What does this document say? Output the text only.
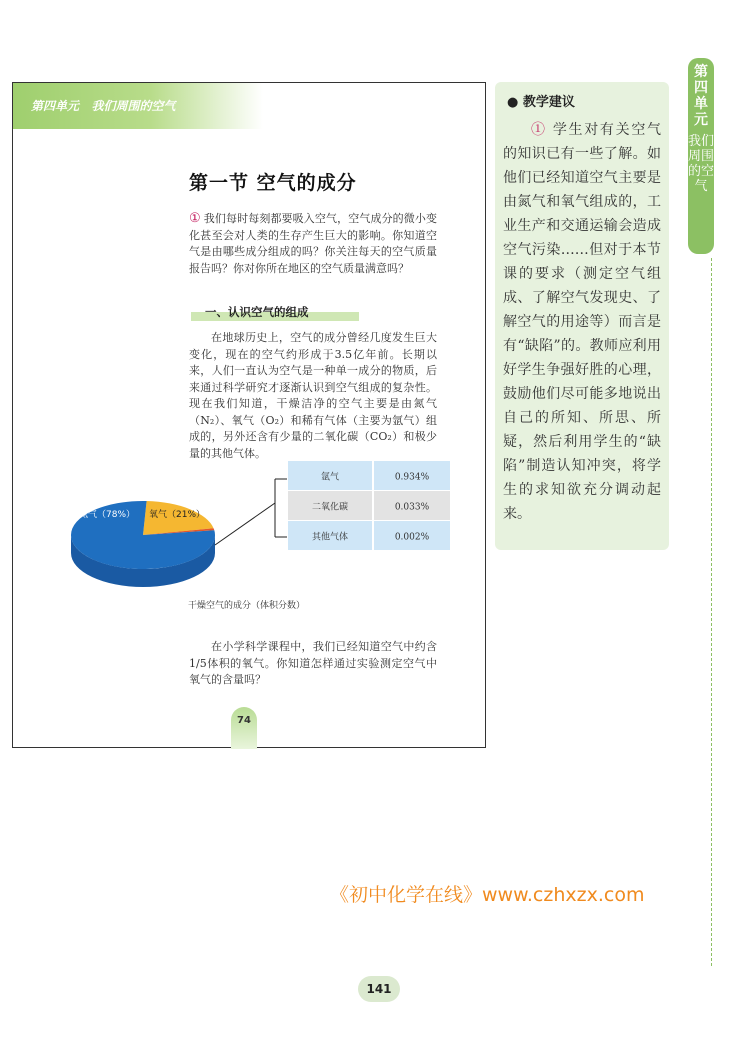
第四单元   我们周围的空气
第一节 空气的成分
① 我们每时每刻都要吸入空气，空气成分的微小变化甚至会对人类的生存产生巨大的影响。你知道空气是由哪些成分组成的吗？你关注每天的空气质量报告吗？你对你所在地区的空气质量满意吗？
一、认识空气的组成
在地球历史上，空气的成分曾经几度发生巨大变化，现在的空气约形成于3.5亿年前。长期以来，人们一直认为空气是一种单一成分的物质，后来通过科学研究才逐渐认识到空气组成的复杂性。现在我们知道，干燥洁净的空气主要是由氮气（N₂）、氧气（O₂）和稀有气体（主要为氩气）组成的，另外还含有少量的二氧化碳（CO₂）和极少量的其他气体。
氩气	0.934%
二氧化碳	0.033%
其他气体	0.002%
氮气（78%） 氧气（21%）
干燥空气的成分（体积分数）
在小学科学课程中，我们已经知道空气中约含1/5体积的氧气。你知道怎样通过实验测定空气中氧气的含量吗？
74
● 教学建议
① 学生对有关空气的知识已有一些了解。如他们已经知道空气主要是由氮气和氧气组成的，工业生产和交通运输会造成空气污染……但对于本节课的要求（测定空气组成、了解空气发现史、了解空气的用途等）而言是有“缺陷”的。教师应利用好学生争强好胜的心理，鼓励他们尽可能多地说出自己的所知、所思、所疑，然后利用学生的“缺陷”制造认知冲突，将学生的求知欲充分调动起来。
第四单元
我们周围的空气
《初中化学在线》www.czhxzx.com
141
